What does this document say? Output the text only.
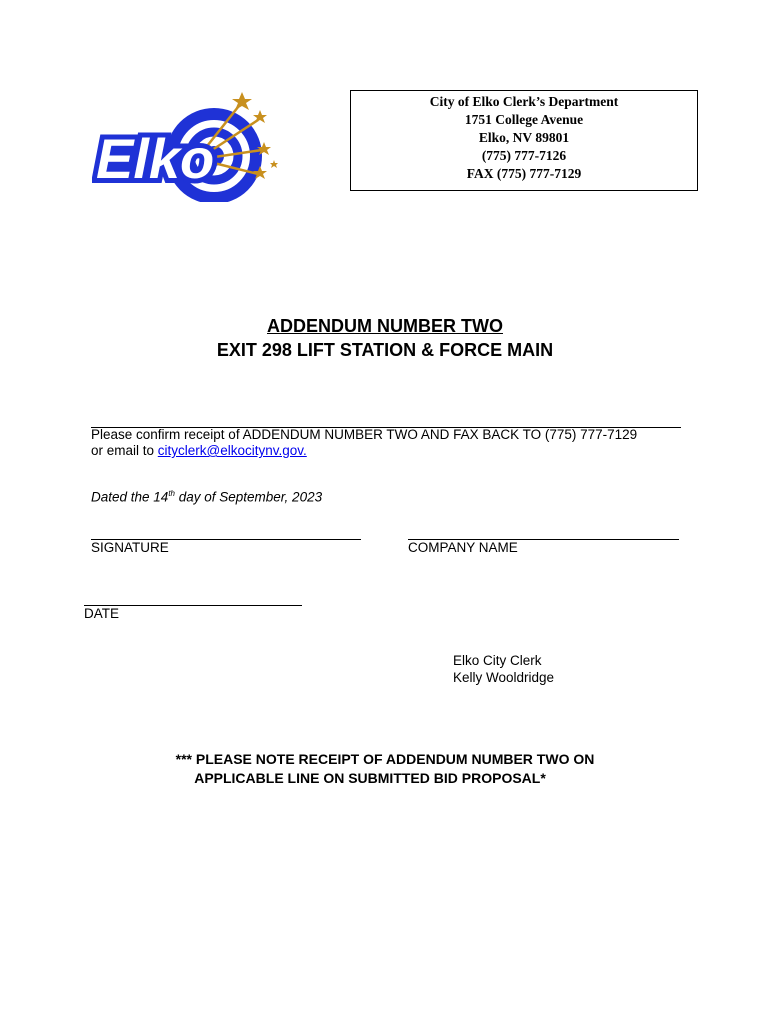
Elko
City of Elko Clerk’s Department
1751 College Avenue
Elko, NV 89801
(775) 777-7126
FAX (775) 777-7129
ADDENDUM NUMBER TWO
EXIT 298 LIFT STATION & FORCE MAIN
Please confirm receipt of ADDENDUM NUMBER TWO AND FAX BACK TO (775) 777-7129
or email to cityclerk@elkocitynv.gov.
Dated the 14th day of September, 2023
SIGNATURE	COMPANY NAME
DATE
Elko City Clerk
Kelly Wooldridge
*** PLEASE NOTE RECEIPT OF ADDENDUM NUMBER TWO ON
APPLICABLE LINE ON SUBMITTED BID PROPOSAL*
